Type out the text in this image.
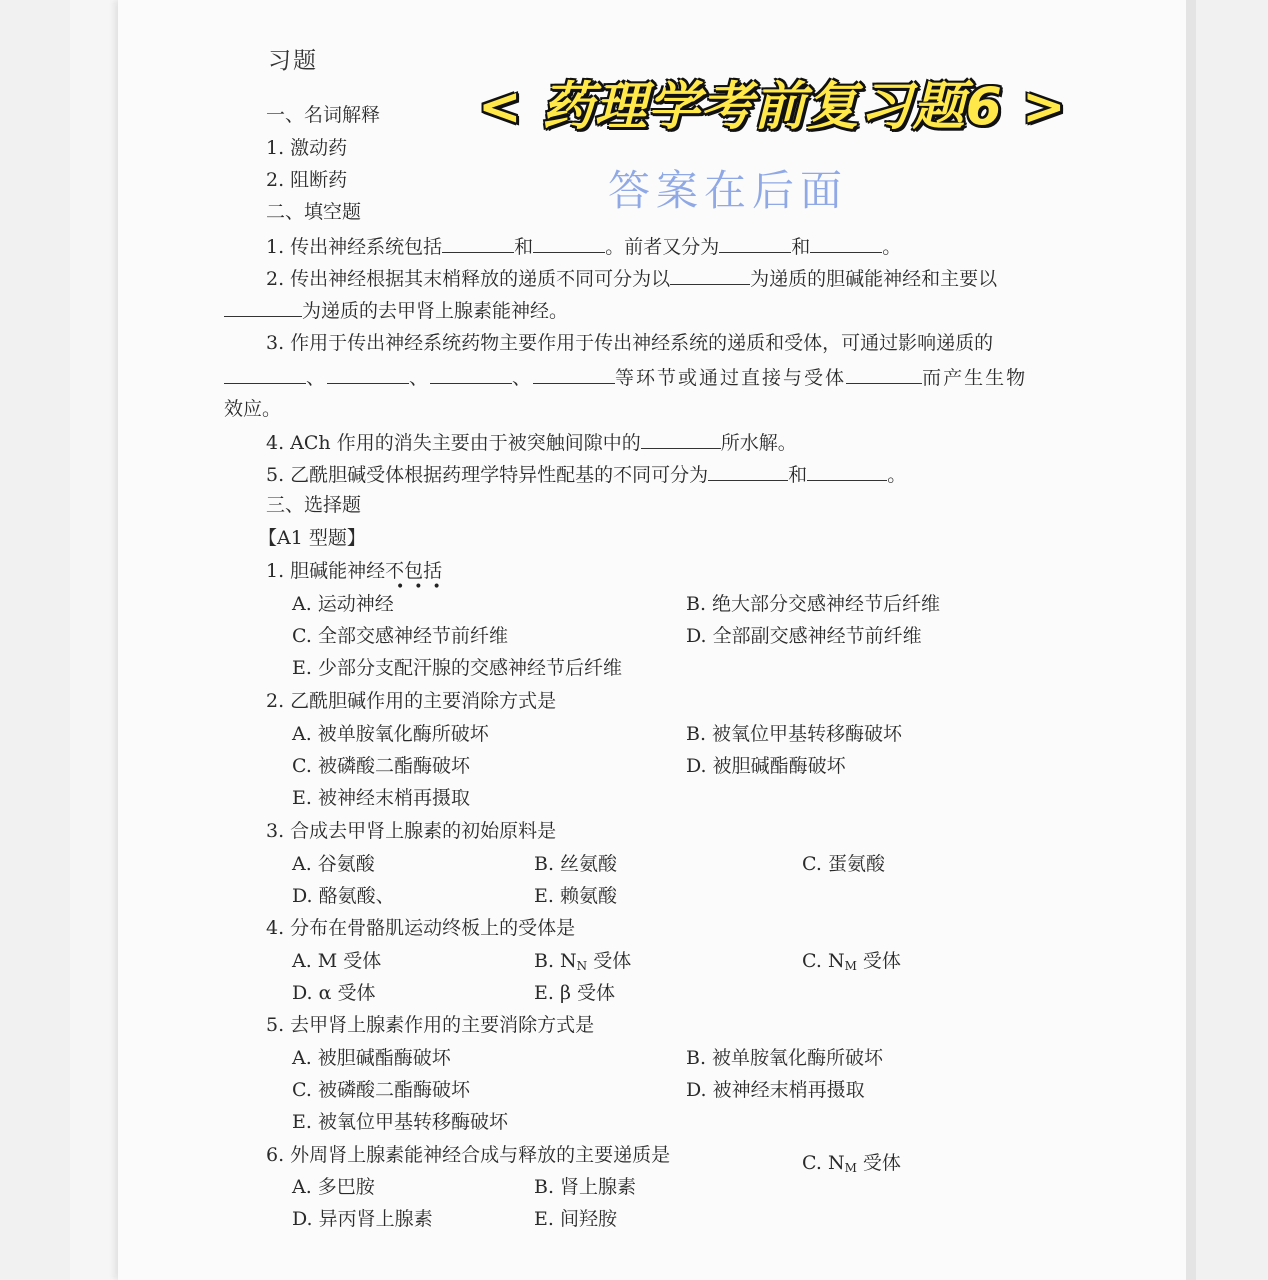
习题
< 药理学考前复习题6 >
答案在后面
一、名词解释
1. 激动药
2. 阻断药
二、填空题
1. 传出神经系统包括	和	。前者又分为	和	。
2. 传出神经根据其末梢释放的递质不同可分为以	为递质的胆碱能神经和主要以
为递质的去甲肾上腺素能神经。
3. 作用于传出神经系统药物主要作用于传出神经系统的递质和受体，可通过影响递质的
、	、	、	等环节或通过直接与受体	而产生生物
效应。
4. ACh 作用的消失主要由于被突触间隙中的	所水解。
5. 乙酰胆碱受体根据药理学特异性配基的不同可分为	和	。
三、选择题
【A1 型题】
1. 胆碱能神经不包括
•••
A. 运动神经	B. 绝大部分交感神经节后纤维
C. 全部交感神经节前纤维	D. 全部副交感神经节前纤维
E. 少部分支配汗腺的交感神经节后纤维
2. 乙酰胆碱作用的主要消除方式是
A. 被单胺氧化酶所破坏	B. 被氧位甲基转移酶破坏
C. 被磷酸二酯酶破坏	D. 被胆碱酯酶破坏
E. 被神经末梢再摄取
3. 合成去甲肾上腺素的初始原料是
A. 谷氨酸	B. 丝氨酸	C. 蛋氨酸
D. 酪氨酸、	E. 赖氨酸
4. 分布在骨骼肌运动终板上的受体是
A. M 受体	B. $N_N$ 受体	C. $N_M$ 受体
D. α 受体	E. β 受体
5. 去甲肾上腺素作用的主要消除方式是
A. 被胆碱酯酶破坏	B. 被单胺氧化酶所破坏
C. 被磷酸二酯酶破坏	D. 被神经末梢再摄取
E. 被氧位甲基转移酶破坏
6. 外周肾上腺素能神经合成与释放的主要递质是	C. $N_M$ 受体
A. 多巴胺	B. 肾上腺素
D. 异丙肾上腺素	E. 间羟胺
